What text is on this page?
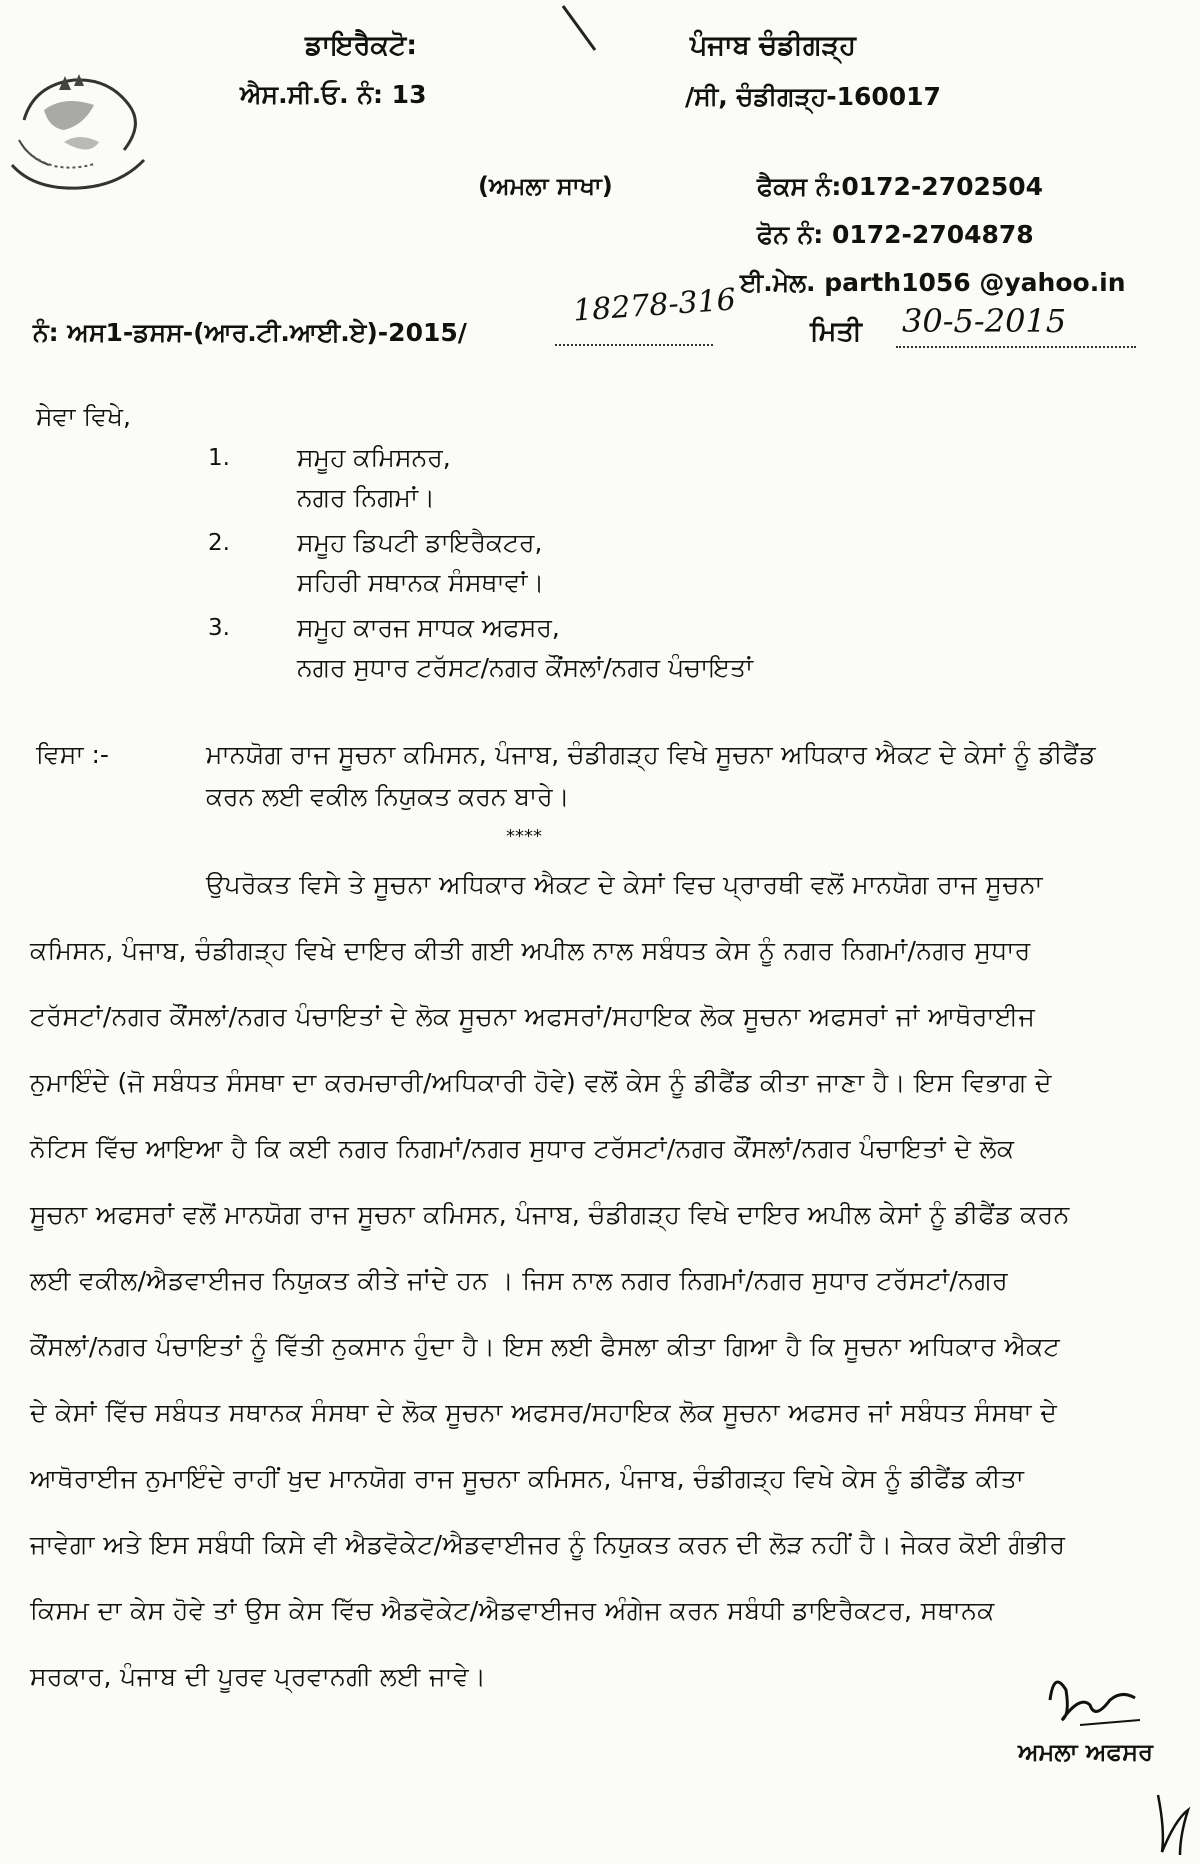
ਡਾਇਰੈਕਟੋ:	ਪੰਜਾਬ ਚੰਡੀਗੜ੍ਹ
ਐਸ.ਸੀ.ਓ. ਨੰ: 13	/ਸੀ, ਚੰਡੀਗੜ੍ਹ-160017
(ਅਮਲਾ ਸਾਖਾ)	ਫੈਕਸ ਨੰ:0172-2702504
ਫੋਨ ਨੰ: 0172-2704878
ਈ.ਮੇਲ. parth1056 @yahoo.in
ਨੰ: ਅਸ1-ਡਸਸ-(ਆਰ.ਟੀ.ਆਈ.ਏ)-2015/
18278-316
ਮਿਤੀ 30-5-2015
ਸੇਵਾ ਵਿਖੇ,
1.	ਸਮੂਹ ਕਮਿਸਨਰ,
ਨਗਰ ਨਿਗਮਾਂ।
2.	ਸਮੂਹ ਡਿਪਟੀ ਡਾਇਰੈਕਟਰ,
ਸਹਿਰੀ ਸਥਾਨਕ ਸੰਸਥਾਵਾਂ।
3.	ਸਮੂਹ ਕਾਰਜ ਸਾਧਕ ਅਫਸਰ,
ਨਗਰ ਸੁਧਾਰ ਟਰੱਸਟ/ਨਗਰ ਕੌਂਸਲਾਂ/ਨਗਰ ਪੰਚਾਇਤਾਂ
ਵਿਸਾ :-	ਮਾਨਯੋਗ ਰਾਜ ਸੂਚਨਾ ਕਮਿਸਨ, ਪੰਜਾਬ, ਚੰਡੀਗੜ੍ਹ ਵਿਖੇ ਸੂਚਨਾ ਅਧਿਕਾਰ ਐਕਟ ਦੇ ਕੇਸਾਂ ਨੂੰ ਡੀਫੈਂਡ
ਕਰਨ ਲਈ ਵਕੀਲ ਨਿਯੁਕਤ ਕਰਨ ਬਾਰੇ।
****
ਉਪਰੋਕਤ ਵਿਸੇ ਤੇ ਸੂਚਨਾ ਅਧਿਕਾਰ ਐਕਟ ਦੇ ਕੇਸਾਂ ਵਿਚ ਪ੍ਰਾਰਥੀ ਵਲੋਂ ਮਾਨਯੋਗ ਰਾਜ ਸੂਚਨਾ
ਕਮਿਸਨ, ਪੰਜਾਬ, ਚੰਡੀਗੜ੍ਹ ਵਿਖੇ ਦਾਇਰ ਕੀਤੀ ਗਈ ਅਪੀਲ ਨਾਲ ਸਬੰਧਤ ਕੇਸ ਨੂੰ ਨਗਰ ਨਿਗਮਾਂ/ਨਗਰ ਸੁਧਾਰ
ਟਰੱਸਟਾਂ/ਨਗਰ ਕੌਂਸਲਾਂ/ਨਗਰ ਪੰਚਾਇਤਾਂ ਦੇ ਲੋਕ ਸੂਚਨਾ ਅਫਸਰਾਂ/ਸਹਾਇਕ ਲੋਕ ਸੂਚਨਾ ਅਫਸਰਾਂ ਜਾਂ ਆਥੋਰਾਈਜ
ਨੁਮਾਇੰਦੇ (ਜੋ ਸਬੰਧਤ ਸੰਸਥਾ ਦਾ ਕਰਮਚਾਰੀ/ਅਧਿਕਾਰੀ ਹੋਵੇ) ਵਲੋਂ ਕੇਸ ਨੂੰ ਡੀਫੈਂਡ ਕੀਤਾ ਜਾਣਾ ਹੈ। ਇਸ ਵਿਭਾਗ ਦੇ
ਨੋਟਿਸ ਵਿੱਚ ਆਇਆ ਹੈ ਕਿ ਕਈ ਨਗਰ ਨਿਗਮਾਂ/ਨਗਰ ਸੁਧਾਰ ਟਰੱਸਟਾਂ/ਨਗਰ ਕੌਂਸਲਾਂ/ਨਗਰ ਪੰਚਾਇਤਾਂ ਦੇ ਲੋਕ
ਸੂਚਨਾ ਅਫਸਰਾਂ ਵਲੋਂ ਮਾਨਯੋਗ ਰਾਜ ਸੂਚਨਾ ਕਮਿਸਨ, ਪੰਜਾਬ, ਚੰਡੀਗੜ੍ਹ ਵਿਖੇ ਦਾਇਰ ਅਪੀਲ ਕੇਸਾਂ ਨੂੰ ਡੀਫੈਂਡ ਕਰਨ
ਲਈ ਵਕੀਲ/ਐਡਵਾਈਜਰ ਨਿਯੁਕਤ ਕੀਤੇ ਜਾਂਦੇ ਹਨ । ਜਿਸ ਨਾਲ ਨਗਰ ਨਿਗਮਾਂ/ਨਗਰ ਸੁਧਾਰ ਟਰੱਸਟਾਂ/ਨਗਰ
ਕੌਂਸਲਾਂ/ਨਗਰ ਪੰਚਾਇਤਾਂ ਨੂੰ ਵਿੱਤੀ ਨੁਕਸਾਨ ਹੁੰਦਾ ਹੈ। ਇਸ ਲਈ ਫੈਸਲਾ ਕੀਤਾ ਗਿਆ ਹੈ ਕਿ ਸੂਚਨਾ ਅਧਿਕਾਰ ਐਕਟ
ਦੇ ਕੇਸਾਂ ਵਿੱਚ ਸਬੰਧਤ ਸਥਾਨਕ ਸੰਸਥਾ ਦੇ ਲੋਕ ਸੂਚਨਾ ਅਫਸਰ/ਸਹਾਇਕ ਲੋਕ ਸੂਚਨਾ ਅਫਸਰ ਜਾਂ ਸਬੰਧਤ ਸੰਸਥਾ ਦੇ
ਆਥੋਰਾਈਜ ਨੁਮਾਇੰਦੇ ਰਾਹੀਂ ਖੁਦ ਮਾਨਯੋਗ ਰਾਜ ਸੂਚਨਾ ਕਮਿਸਨ, ਪੰਜਾਬ, ਚੰਡੀਗੜ੍ਹ ਵਿਖੇ ਕੇਸ ਨੂੰ ਡੀਫੈਂਡ ਕੀਤਾ
ਜਾਵੇਗਾ ਅਤੇ ਇਸ ਸਬੰਧੀ ਕਿਸੇ ਵੀ ਐਡਵੋਕੇਟ/ਐਡਵਾਈਜਰ ਨੂੰ ਨਿਯੁਕਤ ਕਰਨ ਦੀ ਲੋੜ ਨਹੀਂ ਹੈ। ਜੇਕਰ ਕੋਈ ਗੰਭੀਰ
ਕਿਸਮ ਦਾ ਕੇਸ ਹੋਵੇ ਤਾਂ ਉਸ ਕੇਸ ਵਿੱਚ ਐਡਵੋਕੇਟ/ਐਡਵਾਈਜਰ ਅੰਗੇਜ ਕਰਨ ਸਬੰਧੀ ਡਾਇਰੈਕਟਰ, ਸਥਾਨਕ
ਸਰਕਾਰ, ਪੰਜਾਬ ਦੀ ਪੂਰਵ ਪ੍ਰਵਾਨਗੀ ਲਈ ਜਾਵੇ।
ਅਮਲਾ ਅਫਸਰ
